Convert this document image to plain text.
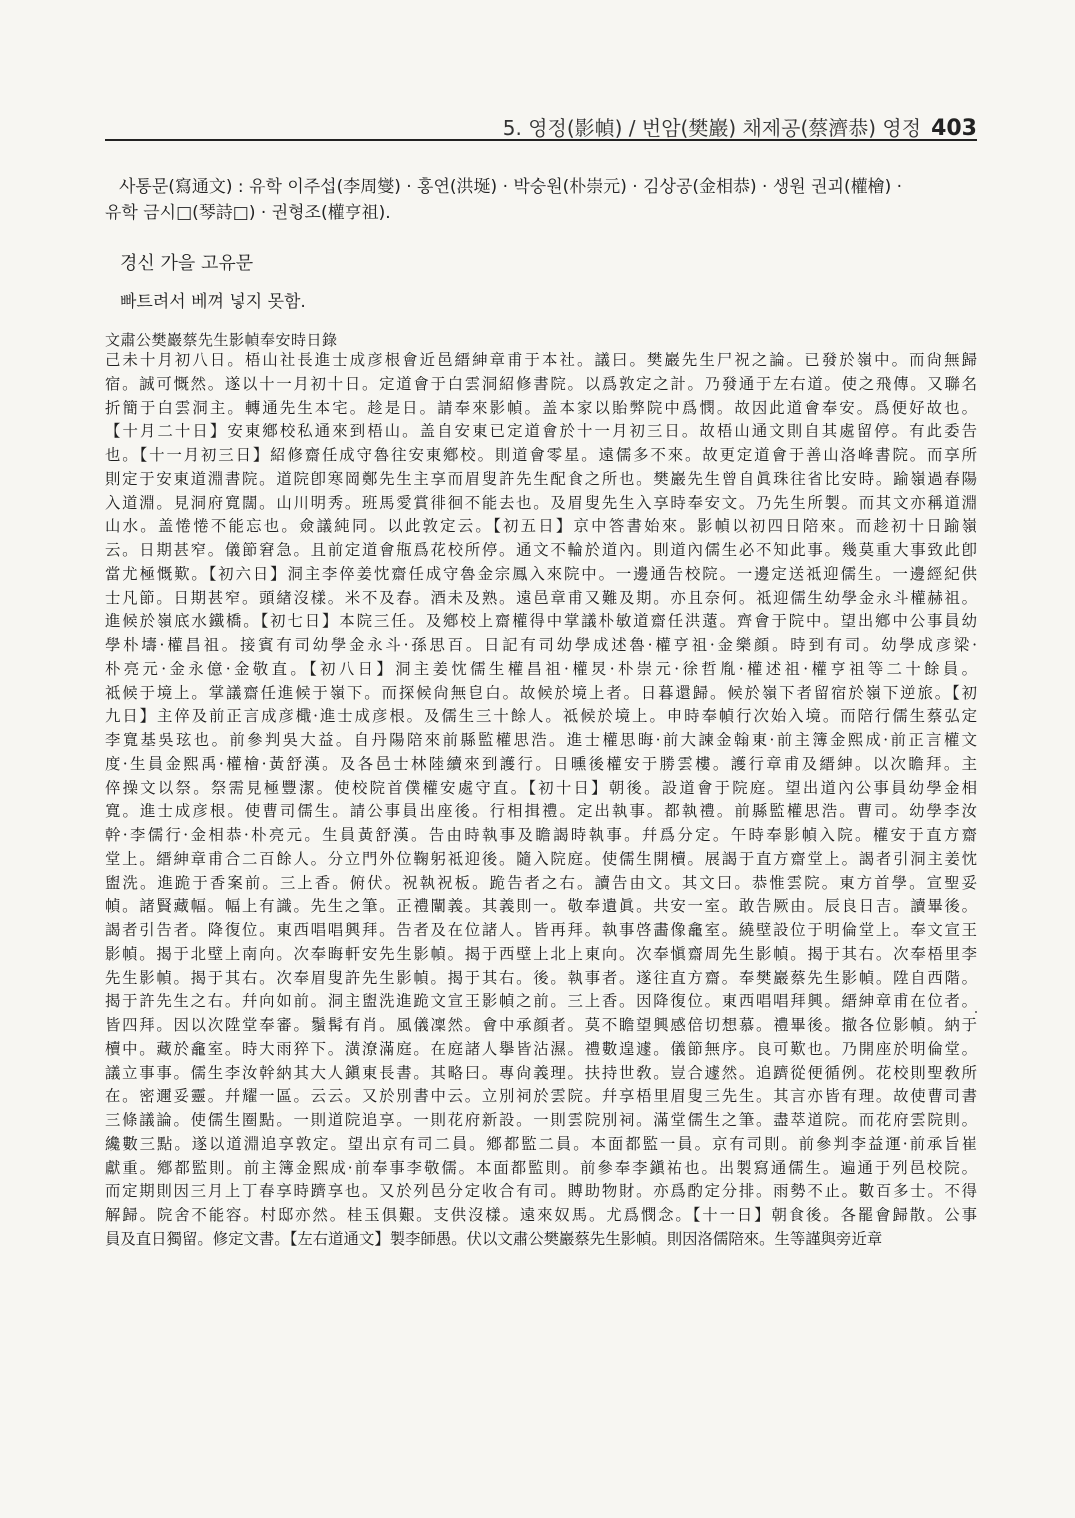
5. 영정(影幀) / 번암(樊巖) 채제공(蔡濟恭) 영정 403
사통문(寫通文) : 유학 이주섭(李周燮) · 홍연(洪埏) · 박숭원(朴崇元) · 김상공(金相恭) · 생원 권괴(權檜) ·
유학 금시□(琴詩□) · 권형조(權亨祖).
경신 가을 고유문
빠트려서 베껴 넣지 못함.
文肅公樊巖蔡先生影幀奉安時日錄
己未十月初八日。梧山社長進士成彦根會近邑縉紳章甫于本社。議曰。樊巖先生尸祝之論。已發於嶺中。而尙無歸
宿。誠可慨然。遂以十一月初十日。定道會于白雲洞紹修書院。以爲敦定之計。乃發通于左右道。使之飛傳。又聯名
折簡于白雲洞主。轉通先生本宅。趁是日。請奉來影幀。盖本家以貽弊院中爲憫。故因此道會奉安。爲便好故也。
【十月二十日】安東鄕校私通來到梧山。盖自安東已定道會於十一月初三日。故梧山通文則自其處留停。有此委告
也。【十一月初三日】紹修齋任成守魯往安東鄕校。則道會零星。遠儒多不來。故更定道會于善山洛峰書院。而享所
則定于安東道淵書院。道院卽寒岡鄭先生主享而眉叟許先生配食之所也。樊巖先生曾自眞珠往省比安時。踰嶺過春陽
入道淵。見洞府寬闊。山川明秀。班馬愛賞徘徊不能去也。及眉叟先生入享時奉安文。乃先生所製。而其文亦稱道淵
山水。盖惓惓不能忘也。僉議純同。以此敦定云。【初五日】京中答書始來。影幀以初四日陪來。而趁初十日踰嶺
云。日期甚窄。儀節窘急。且前定道會甁爲花校所停。通文不輪於道內。則道內儒生必不知此事。幾莫重大事致此卽
當尤極慨歎。【初六日】洞主李倅姜忱齋任成守魯金宗鳳入來院中。一邊通告校院。一邊定送祗迎儒生。一邊經紀供
士凡節。日期甚窄。頭緖沒樣。米不及舂。酒未及熟。遠邑章甫又難及期。亦且奈何。祗迎儒生幼學金永斗權赫祖。
進候於嶺底水鐵橋。【初七日】本院三任。及鄕校上齋權得中掌議朴敏道齋任洪薳。齊會于院中。望出鄕中公事員幼
學朴壔·權昌祖。接賓有司幼學金永斗·孫思百。日記有司幼學成述魯·權亨祖·金樂顔。時到有司。幼學成彦梁·
朴亮元·金永億·金敬直。【初八日】洞主姜忱儒生權昌祖·權炅·朴崇元·徐哲胤·權述祖·權亨祖等二十餘員。
祗候于境上。掌議齋任進候于嶺下。而探候尙無皀白。故候於境上者。日暮還歸。候於嶺下者留宿於嶺下逆旅。【初
九日】主倅及前正言成彦檝·進士成彦根。及儒生三十餘人。祗候於境上。申時奉幀行次始入境。而陪行儒生蔡弘定
李寬基吳玹也。前參判吳大益。自丹陽陪來前縣監權思浩。進士權思晦·前大諫金翰東·前主簿金熙成·前正言權文
度·生員金熙禹·權檜·黃舒漢。及各邑士林陸續來到護行。日曛後權安于勝雲樓。護行章甫及縉紳。以次瞻拜。主
倅操文以祭。祭需見極豐潔。使校院首僕權安處守直。【初十日】朝後。設道會于院庭。望出道內公事員幼學金相
寬。進士成彦根。使曹司儒生。請公事員出座後。行相揖禮。定出執事。都執禮。前縣監權思浩。曹司。幼學李汝
幹·李儒行·金相恭·朴亮元。生員黃舒漢。告由時執事及瞻謁時執事。幷爲分定。午時奉影幀入院。權安于直方齋
堂上。縉紳章甫合二百餘人。分立門外位鞠躬祗迎後。隨入院庭。使儒生開櫝。展謁于直方齋堂上。謁者引洞主姜忱
盥洗。進跪于香案前。三上香。俯伏。祝執祝板。跪告者之右。讀告由文。其文曰。恭惟雲院。東方首學。宣聖妥
幀。諸賢藏幅。幅上有識。先生之筆。正禮闡義。其義則一。敬奉遺眞。共安一室。敢告厥由。辰良日吉。讀畢後。
謁者引告者。降復位。東西唱唱興拜。告者及在位諸人。皆再拜。執事啓畵像龕室。繞壁設位于明倫堂上。奉文宣王
影幀。揭于北壁上南向。次奉晦軒安先生影幀。揭于西壁上北上東向。次奉愼齋周先生影幀。揭于其右。次奉梧里李
先生影幀。揭于其右。次奉眉叟許先生影幀。揭于其右。後。執事者。遂往直方齋。奉樊巖蔡先生影幀。陞自西階。
揭于許先生之右。幷向如前。洞主盥洗進跪文宣王影幀之前。三上香。因降復位。東西唱唱拜興。縉紳章甫在位者。
皆四拜。因以次陞堂奉審。鬚髯有肖。風儀凜然。會中承顔者。莫不瞻望興感倍切想慕。禮畢後。撤各位影幀。納于
櫝中。藏於龕室。時大雨猝下。潢潦滿庭。在庭諸人擧皆沾濕。禮數遑遽。儀節無序。良可歎也。乃開座於明倫堂。
議立事事。儒生李汝幹納其大人鎭東長書。其略曰。專尙義理。扶持世敎。豈合遽然。追躋從便循例。花校則聖敎所
在。密邇妥靈。幷耀一區。云云。又於別書中云。立別祠於雲院。幷享梧里眉叟三先生。其言亦皆有理。故使曹司書
三條議論。使儒生圈點。一則道院追享。一則花府新設。一則雲院別祠。滿堂儒生之筆。盡萃道院。而花府雲院則。
纔數三點。遂以道淵追享敦定。望出京有司二員。鄕都監二員。本面都監一員。京有司則。前參判李益運·前承旨崔
獻重。鄕都監則。前主簿金熙成·前奉事李敬儒。本面都監則。前參奉李鎭祐也。出製寫通儒生。遍通于列邑校院。
而定期則因三月上丁春享時躋享也。又於列邑分定收合有司。賻助物財。亦爲酌定分排。雨勢不止。數百多士。不得
解歸。院舍不能容。村邸亦然。桂玉俱艱。支供沒樣。遠來奴馬。尤爲憫念。【十一日】朝食後。各罷會歸散。公事
員及直日獨留。修定文書。【左右道通文】製李師愚。伏以文肅公樊巖蔡先生影幀。則因洛儒陪來。生等謹與旁近章
